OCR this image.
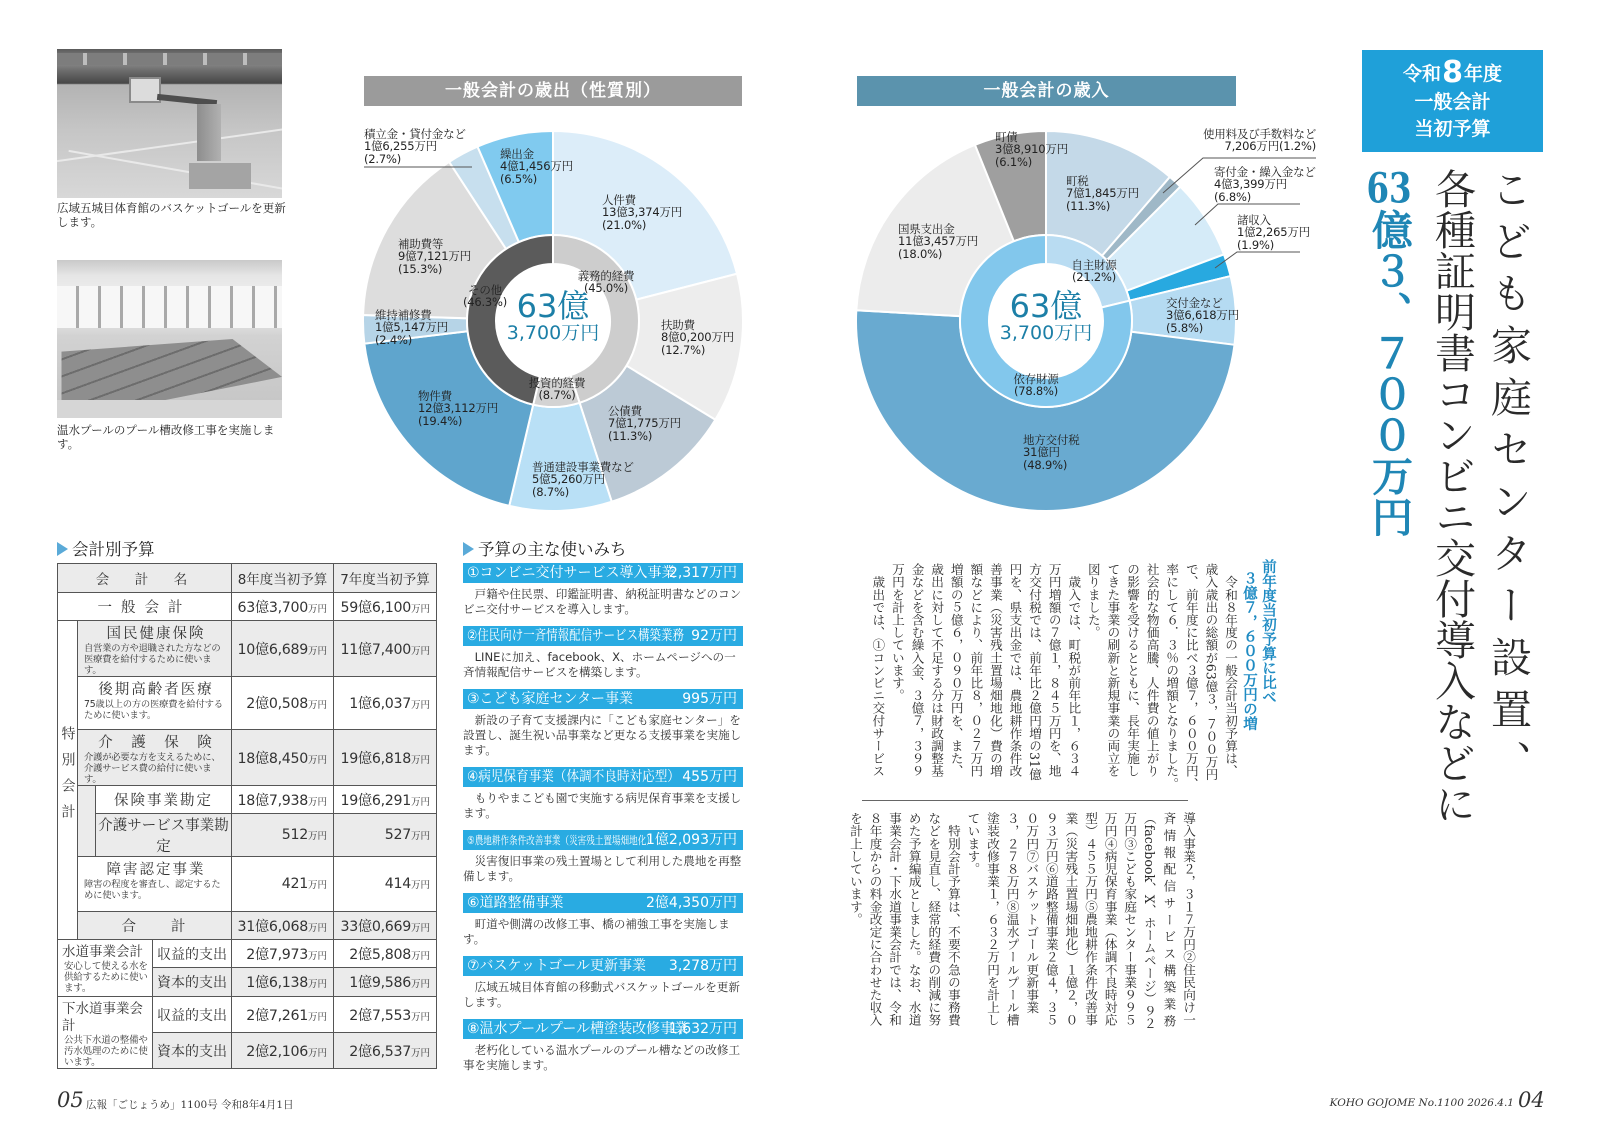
広域五城目体育館のバスケットゴールを更新します。
温水プールのプール槽改修工事を実施します。
一般会計の歳出（性質別）
63億
3,700万円
人件費
13億3,374万円
(21.0%)
扶助費
8億0,200万円
(12.7%)
公債費
7億1,775万円
(11.3%)
普通建設事業費など
5億5,260万円
(8.7%)
物件費
12億3,112万円
(19.4%)
維持補修費
1億5,147万円
(2.4%)
補助費等
9億7,121万円
(15.3%)
積立金・貸付金など
1億6,255万円
(2.7%)	繰出金
4億1,456万円
(6.5%)
義務的経費
(45.0%)
投資的経費
(8.7%)
その他
(46.3%)
一般会計の歳入
63億
3,700万円
町税
7億1,845万円
(11.3%)
使用料及び手数料など
7,206万円(1.2%)
寄付金・繰入金など
4億3,399万円
(6.8%)
諸収入
1億2,265万円
(1.9%)
交付金など
3億6,618万円
(5.8%)
地方交付税
31億円
(48.9%)
国県支出金
11億3,457万円
(18.0%)
町債
3億8,910万円
(6.1%)
自主財源
(21.2%)
依存財源
(78.8%)
令和8年度
一般会計
当初予算
こども家庭センター設置、
各種証明書コンビニ交付導入などに
63億３、７００万円
前年度当初予算に比べ
３億７，６００万円の増
　令和８年度の一般会計当初予算は、
歳入歳出の総額が63億３，７００万円
で、前年度に比べ３億７，６００万円、
率にして６．３％の増額となりました。
社会的な物価高騰、人件費の値上がり
の影響を受けるとともに、長年実施し
てきた事業の刷新と新規事業の両立を
図りました。
　歳入では、町税が前年比１，６３４
万円増額の７億１，８４５万円を、地
方交付税では、前年比２億円増の31億
円を、県支出金では、農地耕作条件改
善事業（災害残土置場畑地化）費の増
額などにより、前年比８，０２７万円
増額の５億６，０９０万円を、また、
歳出に対して不足する分は財政調整基
金などを含む繰入金、３億７，３９９
万円を計上しています。
　歳出では、①コンビニ交付サービス
導入事業２，３１７万円②住民向け一
斉情報配信サービス構築業務
（facebook、X、ホームページ）９２
万円③こども家庭センター事業９９５
万円④病児保育事業（体調不良時対応
型）４５５万円⑤農地耕作条件改善事
業（災害残土置場畑地化）１億２，０
９３万円⑥道路整備事業２億４，３５
０万円⑦バスケットゴール更新事業
３，２７８万円⑧温水プールプール槽
塗装改修事業１，６３２万円を計上し
ています。
　特別会計予算は、不要不急の事務費
などを見直し、経常的経費の削減に努
めた予算編成としました。なお、水道
事業会計・下水道事業会計では、令和
８年度からの料金改定に合わせた収入
を計上しています。
会計別予算
会　計　名				8年度当初予算	7年度当初予算
一般会計				63億3,700万円	59億6,100万円
特別会計	国民健康保険
自営業の方や退職された方などの医療費を給付するために使います。			10億6,689万円	11億7,400万円

	後期高齢者医療
75歳以上の方の医療費を給付するために使います。			2億0,508万円	1億6,037万円

	介　護　保　険
介護が必要な方を支えるために、介護サービス費の給付に使います。			18億8,450万円	19億6,818万円
		保険事業勘定		18億7,938万円	19億6,291万円
		介護サービス事業勘定		512万円	527万円

	障害認定事業
障害の程度を審査し、認定するために使います。			421万円	414万円
	合　　計			31億6,068万円	33億0,669万円

水道事業会計
安心して使える水を供給するために使います。			収益的支出	2億7,973万円	2億5,808万円
			資本的支出	1億6,138万円	1億9,586万円

下水道事業会計
公共下水道の整備や汚水処理のために使います。			収益的支出	2億7,261万円	2億7,553万円
			資本的支出	2億2,106万円	2億6,537万円
予算の主な使いみち
①コンビニ交付サービス導入事業
2,317万円
　戸籍や住民票、印鑑証明書、納税証明書などのコンビニ交付サービスを導入します。
②住民向け一斉情報配信サービス構築業務 92万円
　LINEに加え、facebook、X、ホームページへの一斉情報配信サービスを構築します。
③こども家庭センター事業	995万円
　新設の子育て支援課内に「こども家庭センター」を設置し、誕生祝い品事業など更なる支援事業を実施します。
④病児保育事業（体調不良時対応型） 455万円
　もりやまこども園で実施する病児保育事業を支援します。
⑤農地耕作条件改善事業（災害残土置場畑地化）
1億2,093万円
　災害復旧事業の残土置場として利用した農地を再整備します。
⑥道路整備事業	2億4,350万円
　町道や側溝の改修工事、橋の補強工事を実施します。
⑦バスケットゴール更新事業 3,278万円
　広域五城目体育館の移動式バスケットゴールを更新します。
⑧温水プールプール槽塗装改修事業
1,632万円
　老朽化している温水プールのプール槽などの改修工事を実施します。
05 広報「ごじょうめ」1100号 令和8年4月1日	KOHO GOJOME No.1100 2026.4.1 04
